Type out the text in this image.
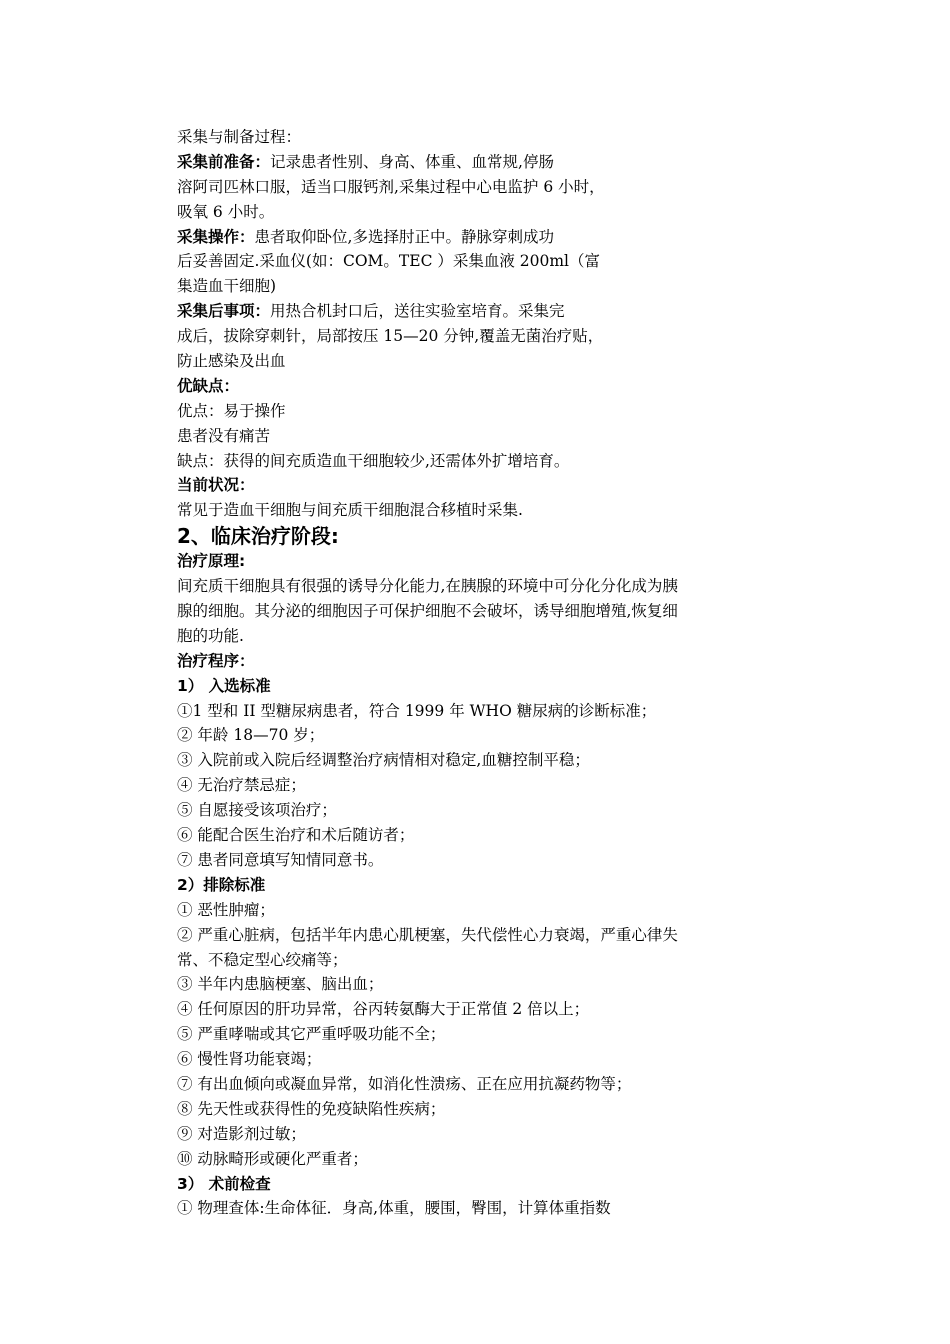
采集与制备过程：
采集前准备：记录患者性别、身高、体重、血常规,停肠
溶阿司匹林口服，适当口服钙剂,采集过程中心电监护 6 小时，
吸氧 6 小时。
采集操作：患者取仰卧位,多选择肘正中。静脉穿刺成功
后妥善固定.采血仪(如：COM。TEC ）采集血液 200ml（富
集造血干细胞)
采集后事项：用热合机封口后，送往实验室培育。采集完
成后，拔除穿刺针，局部按压 15—20 分钟,覆盖无菌治疗贴，
防止感染及出血
优缺点：
优点：易于操作
患者没有痛苦
缺点：获得的间充质造血干细胞较少,还需体外扩增培育。
当前状况：
常见于造血干细胞与间充质干细胞混合移植时采集.
2、临床治疗阶段:
治疗原理:
间充质干细胞具有很强的诱导分化能力,在胰腺的环境中可分化分化成为胰
腺的细胞。其分泌的细胞因子可保护细胞不会破坏，诱导细胞增殖,恢复细
胞的功能.
治疗程序：
1） 入选标准
①1 型和 II 型糖尿病患者，符合 1999 年 WHO 糖尿病的诊断标准；
② 年龄 18—70 岁；
③ 入院前或入院后经调整治疗病情相对稳定,血糖控制平稳；
④ 无治疗禁忌症；
⑤ 自愿接受该项治疗；
⑥ 能配合医生治疗和术后随访者；
⑦ 患者同意填写知情同意书。
2）排除标准
① 恶性肿瘤；
② 严重心脏病，包括半年内患心肌梗塞，失代偿性心力衰竭，严重心律失
常、不稳定型心绞痛等；
③ 半年内患脑梗塞、脑出血；
④ 任何原因的肝功异常，谷丙转氨酶大于正常值 2 倍以上；
⑤ 严重哮喘或其它严重呼吸功能不全；
⑥ 慢性肾功能衰竭；
⑦ 有出血倾向或凝血异常，如消化性溃疡、正在应用抗凝药物等；
⑧ 先天性或获得性的免疫缺陷性疾病；
⑨ 对造影剂过敏；
⑩ 动脉畸形或硬化严重者；
3） 术前检查
① 物理查体:生命体征．身高,体重，腰围，臀围，计算体重指数
